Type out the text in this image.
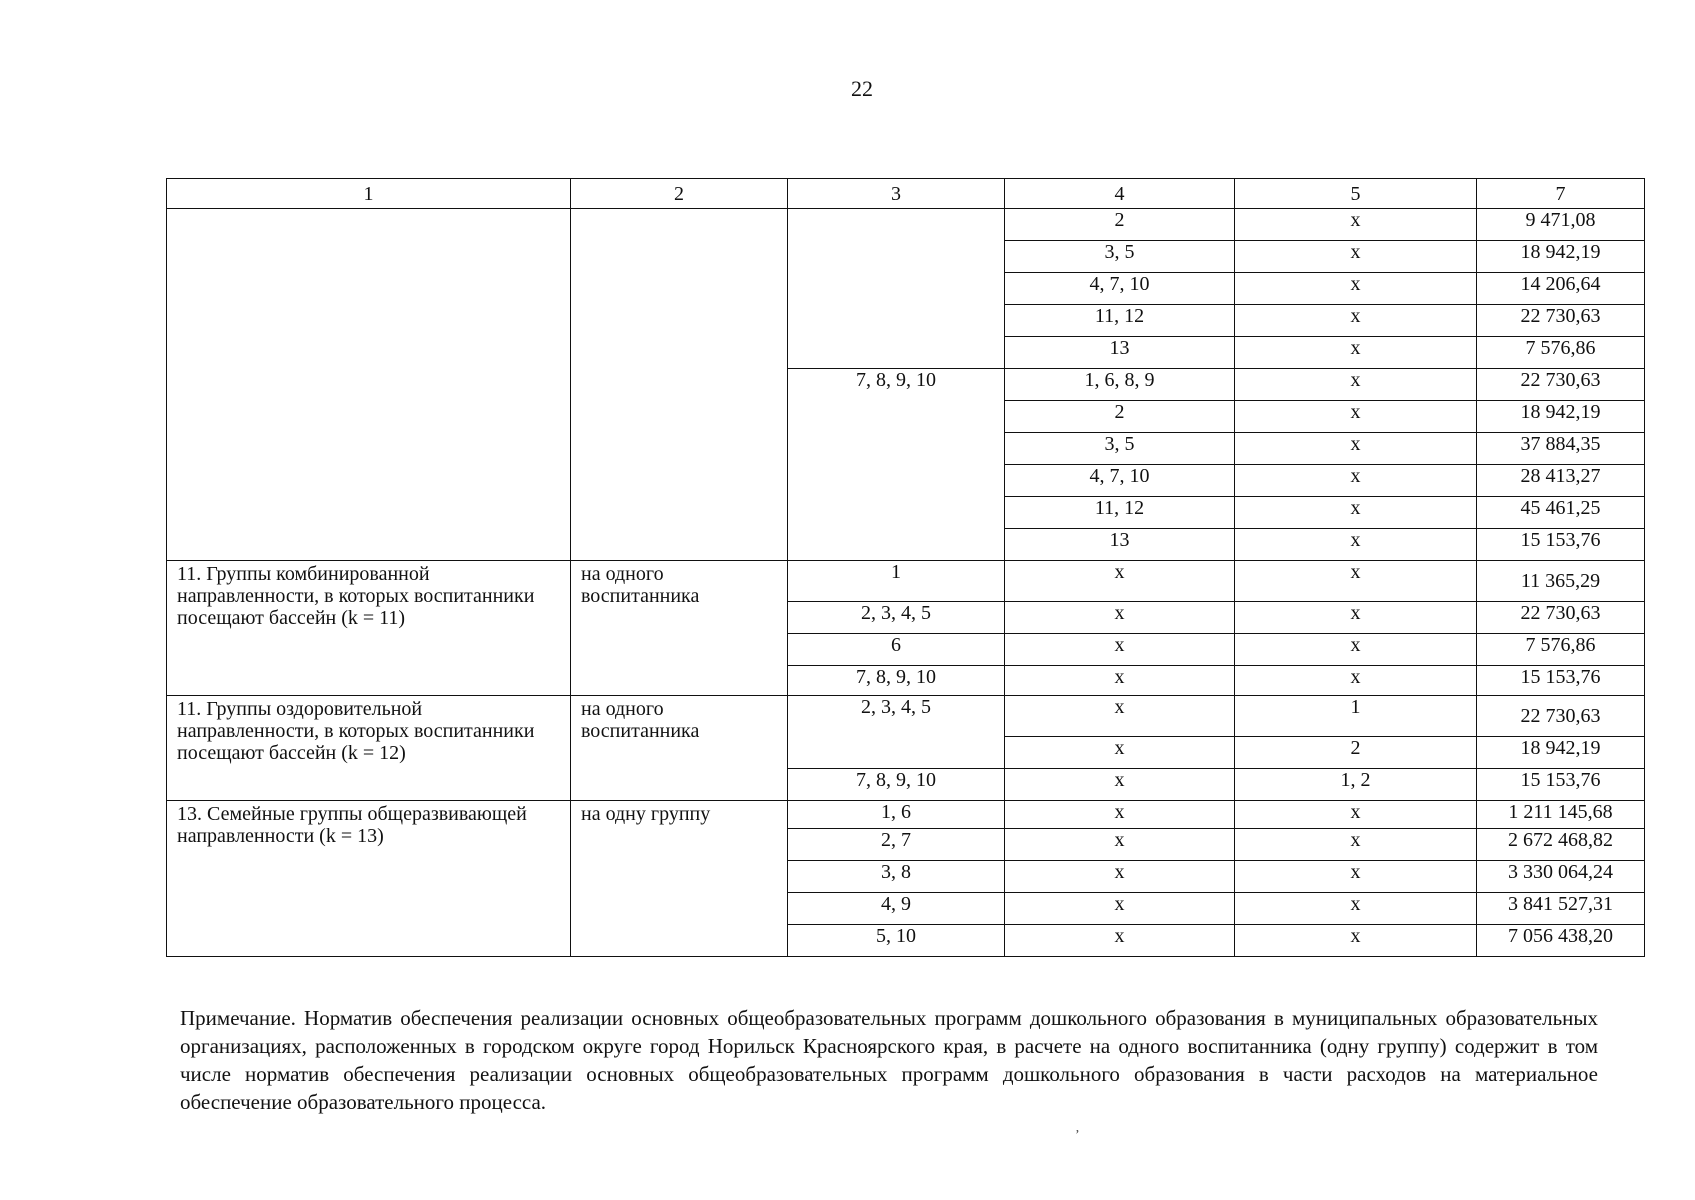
22
1	2	3	4	5	7
			2	x	9 471,08
			3, 5	x	18 942,19
			4, 7, 10	x	14 206,64
			11, 12	x	22 730,63
			13	x	7 576,86
		7, 8, 9, 10	1, 6, 8, 9	x	22 730,63
			2	x	18 942,19
			3, 5	x	37 884,35
			4, 7, 10	x	28 413,27
			11, 12	x	45 461,25
			13	x	15 153,76
11. Группы комбинированной направленности, в которых воспитанники посещают бассейн (k = 11)	на одного воспитанника	1	x	x	11 365,29
		2, 3, 4, 5	x	x	22 730,63
		6	x	x	7 576,86
		7, 8, 9, 10	x	x	15 153,76
11. Группы оздоровительной направленности, в которых воспитанники посещают бассейн (k = 12)	на одного воспитанника	2, 3, 4, 5	x	1	22 730,63
			x	2	18 942,19
		7, 8, 9, 10	x	1, 2	15 153,76
13. Семейные группы общеразвивающей направленности (k = 13)	на одну группу	1, 6	x	x	1 211 145,68
		2, 7	x	x	2 672 468,82
		3, 8	x	x	3 330 064,24
		4, 9	x	x	3 841 527,31
		5, 10	x	x	7 056 438,20

Примечание. Норматив обеспечения реализации основных общеобразовательных программ дошкольного образования в муниципальных образовательных организациях, расположенных в городском округе город Норильск Красноярского края, в расчете на одного воспитанника (одну группу) содержит в том числе норматив обеспечения реализации основных общеобразовательных программ дошкольного образования в части расходов на материальное обеспечение образовательного процесса.

’
